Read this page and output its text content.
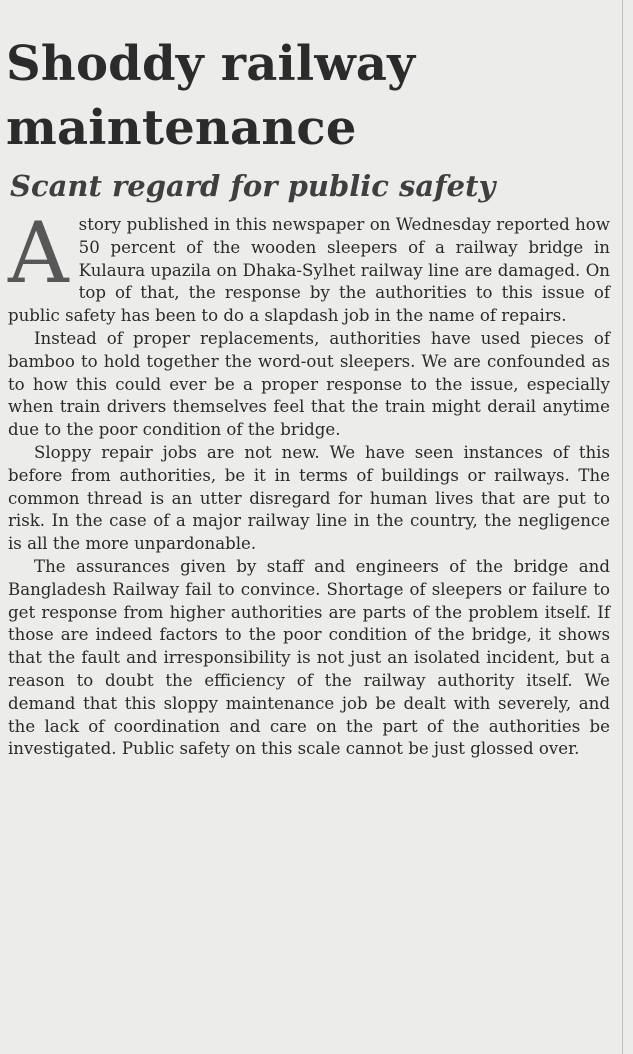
Shoddy railway maintenance
Scant regard for public safety

A story published in this newspaper on Wednesday reported how 50 percent of the wooden sleepers of a railway bridge in Kulaura upazila on Dhaka-Sylhet railway line are damaged. On top of that, the response by the authorities to this issue of public safety has been to do a slapdash job in the name of repairs.

Instead of proper replacements, authorities have used pieces of bamboo to hold together the word-out sleepers. We are confounded as to how this could ever be a proper response to the issue, especially when train drivers themselves feel that the train might derail anytime due to the poor condition of the bridge.

Sloppy repair jobs are not new. We have seen instances of this before from authorities, be it in terms of buildings or railways. The common thread is an utter disregard for human lives that are put to risk. In the case of a major railway line in the country, the negligence is all the more unpardonable.

The assurances given by staff and engineers of the bridge and Bangladesh Railway fail to convince. Shortage of sleepers or failure to get response from higher authorities are parts of the problem itself. If those are indeed factors to the poor condition of the bridge, it shows that the fault and irresponsibility is not just an isolated incident, but a reason to doubt the efficiency of the railway authority itself. We demand that this sloppy maintenance job be dealt with severely, and the lack of coordination and care on the part of the authorities be investigated. Public safety on this scale cannot be just glossed over.
